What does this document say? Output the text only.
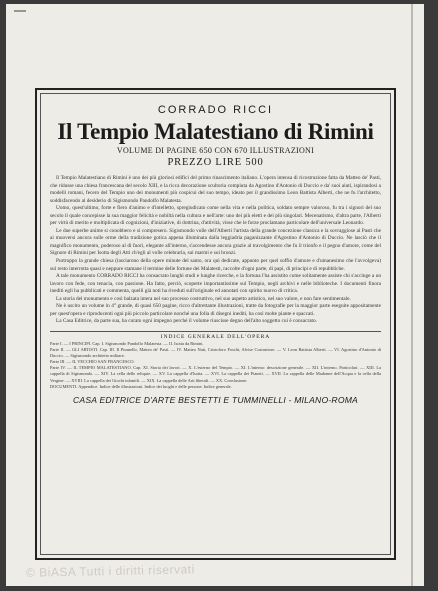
CORRADO RICCI
Il Tempio Malatestiano di Rimini
VOLUME DI PAGINE 650 CON 670 ILLUSTRAZIONI
PREZZO LIRE 500

Il Tempio Malatestiano di Rimini è uno dei più gloriosi edifici del primo rinascimento italiano. L'opera intensa di ricostruzione fatta da Matteo de' Pasti, che ridusse una chiesa francescana del secolo XIII, e la ricca decorazione scultoria compiuta da Agostino d'Antonio di Duccio e da' suoi aiuti, ispirandosi a modelli romani, fecero del Tempio uno dei monumenti più cospicui del suo tempo, ideato per il grandissimo Leon Battista Alberti, che ne fu l'architetto, soddisfacendo al desiderio di Sigismondo Pandolfo Malatesta.

Uomo, quest'ultimo, forte e fiero d'animo e d'intelletto, spregiudicato come nella vita e nella politica, soldato sempre valoroso, fu tra i signori del suo secolo il quale concepisse la sua maggior felicità e nobiltà nella cultura e nell'arte: uno dei più eletti e dei più singolari. Mecenatismo, d'altra parte, l'Alberti per virtù di merito e moltiplicata di cognizioni, d'iniziative, di dottrina, d'attività, visse che le forze proclamano particolare dell'universale Leonardo.

Le due superbe anime si conobbero e si compresero. Sigismondo volle dell'Alberti l'artista della grande concezione classica e la sovraggiose al Pasti che ai muoversi ancora sulle orme della tradizione gotica appena illuminata dalla leggiadria paganizzante d'Agostino d'Antonio di Duccio. Ne lasciò che il magnifico monumento, poderoso al di fuori, elegante all'interno, s'accendesse ancora grazie al travolgimento che fu il trionfo e il pegno d'amore, come del Signore di Rimini per Isotta degli Atti ch'egli al volle celebrarla, sui marmi e sui bronzi.

Purtroppo la grande chiesa (lasciarono della opere minute del santo, ora qui dedicate, appunto per quel soffio d'amore e d'umanesimo che l'avvolgeva) sul resto interrotta quasi e neppure stamane il termine delle fortune dei Malatesti, raccolte d'ogni parte, di papi, di principi e di repubbliche.

A tale monumento CORRADO RICCI ha consacrato lunghi studi e lunghe ricerche, e la fortuna l'ha assistito come solitamente assiste chi s'accinge a un lavoro con fede, con tenacia, con passione. Ha fatto, perciò, scoperte importantissime sul Tempio, negli archivi e nelle biblioteche. I documenti finora inediti egli ha pubblicati e commenta, quelli già noti ha riveduti sull'originale ed annotati con spirito nuovo di critica.

La storia del monumento e così balzata intera nel suo processo costruttivo, nel suo aspetto artistico, nel suo valore, e non fare sentimentale.

Ne è uscito un volume in 4° grande, di quasi 650 pagine, ricco d'altrettante illustrazioni, tratte da fotografie per la maggior parte eseguite appositamente per quest'opera e riproducenti ogni più piccolo particolare nonché una folla di disegni inediti, ha così molte piante e spaccati.

La Casa Editrice, da parte sua, ha curato ogni impegno perché il volume riuscisse degno dell'alto soggetto cui è consacrato.

INDICE GENERALE DELL'OPERA

Parte I. — I PRINCIPI. Cap. I. Sigismondo Pandolfo Malatesta. — II. Isotta da Rimini.

Parte II. — GLI ARTISTI. Cap. III. Il Pisanello, Matteo de' Pasti. — IV. Matteo Nuti, Cristoforo Foschi, Alvise Costruttore. — V. Leon Battista Alberti. — VI. Agostino d'Antonio di Duccio. — Sigismondo architetto militare.

Parte III. — IL VECCHIO SAN FRANCESCO.

Parte IV. — IL TEMPIO MALATESTIANO. Cap. XI. Storia dei lavori. — X. L'esterno del Tempio. — XI. L'interno: descrizione generale. — XII. L'interno. Particolari. — XIII. La cappella di Sigismondo. — XIV. La cella delle reliquie. — XV. La cappella d'Isotta. — XVI. La cappella dei Pianeti. — XVII. La cappella delle Madonne dell'Acqua e la cella della Vergine. — XVIII. La cappella dei Giochi infantili. — XIX. La cappella delle Arti liberali. — XX. Conclusione.

DOCUMENTI. Appendice. Indice delle illustrazioni. Indice dei luoghi e delle persone. Indice generale.

CASA EDITRICE D'ARTE BESTETTI E TUMMINELLI - MILANO-ROMA
© BiASA Tutti i diritti riservati
